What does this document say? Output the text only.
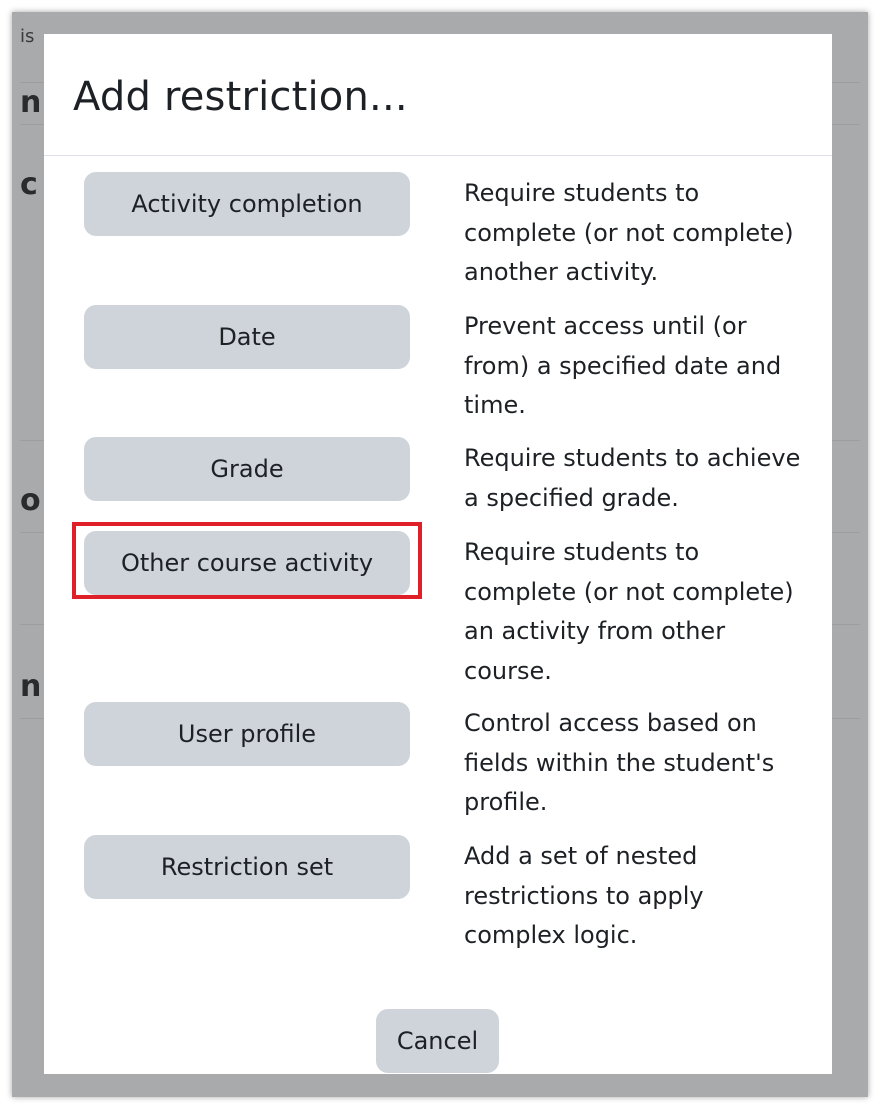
is
n
c
o
n
Add restriction...
Activity completion	Require students to complete (or not complete) another activity.

Date	Prevent access until (or from) a specified date and time.

Grade	Require students to achieve a specified grade.

Other course activity	Require students to complete (or not complete) an activity from other course.

User profile	Control access based on fields within the student's profile.

Restriction set	Add a set of nested restrictions to apply complex logic.

Cancel
